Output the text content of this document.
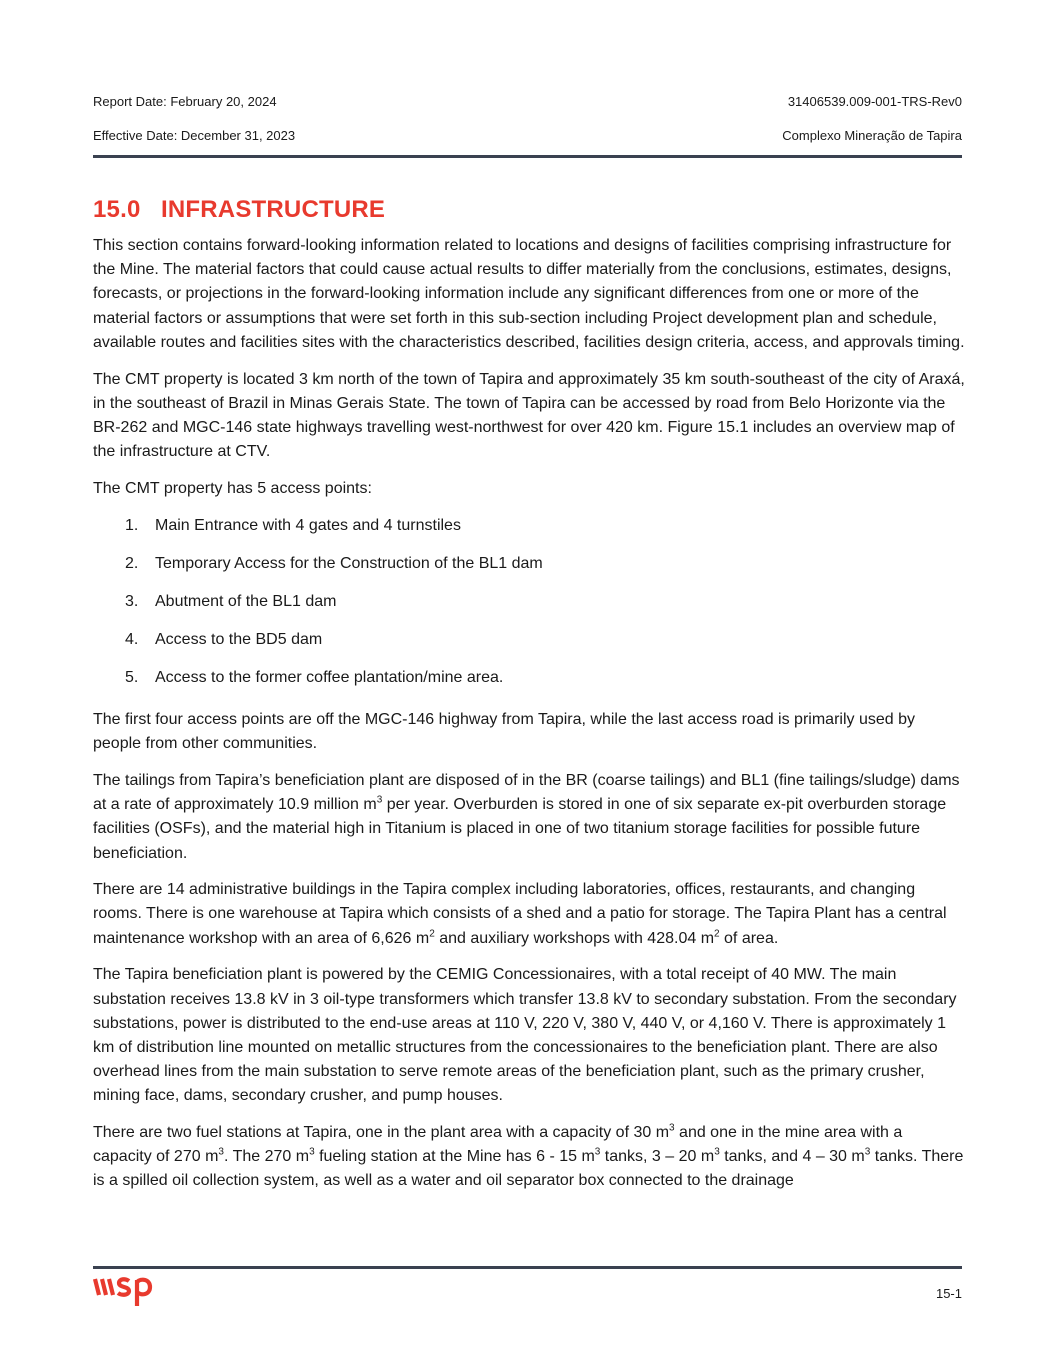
Report Date: February 20, 2024	31406539.009-001-TRS-Rev0
Effective Date: December 31, 2023	Complexo Mineração de Tapira
15.0 INFRASTRUCTURE

This section contains forward-looking information related to locations and designs of facilities comprising infrastructure for the Mine. The material factors that could cause actual results to differ materially from the conclusions, estimates, designs, forecasts, or projections in the forward-looking information include any significant differences from one or more of the material factors or assumptions that were set forth in this sub-section including Project development plan and schedule, available routes and facilities sites with the characteristics described, facilities design criteria, access, and approvals timing.

The CMT property is located 3 km north of the town of Tapira and approximately 35 km south-southeast of the city of Araxá, in the southeast of Brazil in Minas Gerais State. The town of Tapira can be accessed by road from Belo Horizonte via the BR-262 and MGC-146 state highways travelling west-northwest for over 420 km. Figure 15.1 includes an overview map of the infrastructure at CTV.

The CMT property has 5 access points:

1.	Main Entrance with 4 gates and 4 turnstiles
2.	Temporary Access for the Construction of the BL1 dam
3.	Abutment of the BL1 dam
4.	Access to the BD5 dam
5.	Access to the former coffee plantation/mine area.

The first four access points are off the MGC-146 highway from Tapira, while the last access road is primarily used by people from other communities.

The tailings from Tapira’s beneficiation plant are disposed of in the BR (coarse tailings) and BL1 (fine tailings/sludge) dams at a rate of approximately 10.9 million $m^3$ per year. Overburden is stored in one of six separate ex-pit overburden storage facilities (OSFs), and the material high in Titanium is placed in one of two titanium storage facilities for possible future beneficiation.

There are 14 administrative buildings in the Tapira complex including laboratories, offices, restaurants, and changing rooms. There is one warehouse at Tapira which consists of a shed and a patio for storage. The Tapira Plant has a central maintenance workshop with an area of 6,626 $m^2$ and auxiliary workshops with 428.04 $m^2$ of area.

The Tapira beneficiation plant is powered by the CEMIG Concessionaires, with a total receipt of 40 MW. The main substation receives 13.8 kV in 3 oil-type transformers which transfer 13.8 kV to secondary substation. From the secondary substations, power is distributed to the end-use areas at 110 V, 220 V, 380 V, 440 V, or 4,160 V. There is approximately 1 km of distribution line mounted on metallic structures from the concessionaires to the beneficiation plant. There are also overhead lines from the main substation to serve remote areas of the beneficiation plant, such as the primary crusher, mining face, dams, secondary crusher, and pump houses.

There are two fuel stations at Tapira, one in the plant area with a capacity of 30 $m^3$ and one in the mine area with a capacity of 270 $m^3$. The 270 $m^3$ fueling station at the Mine has 6 - 15 $m^3$ tanks, 3 – 20 $m^3$ tanks, and 4 – 30 $m^3$ tanks. There is a spilled oil collection system, as well as a water and oil separator box connected to the drainage

15-1
